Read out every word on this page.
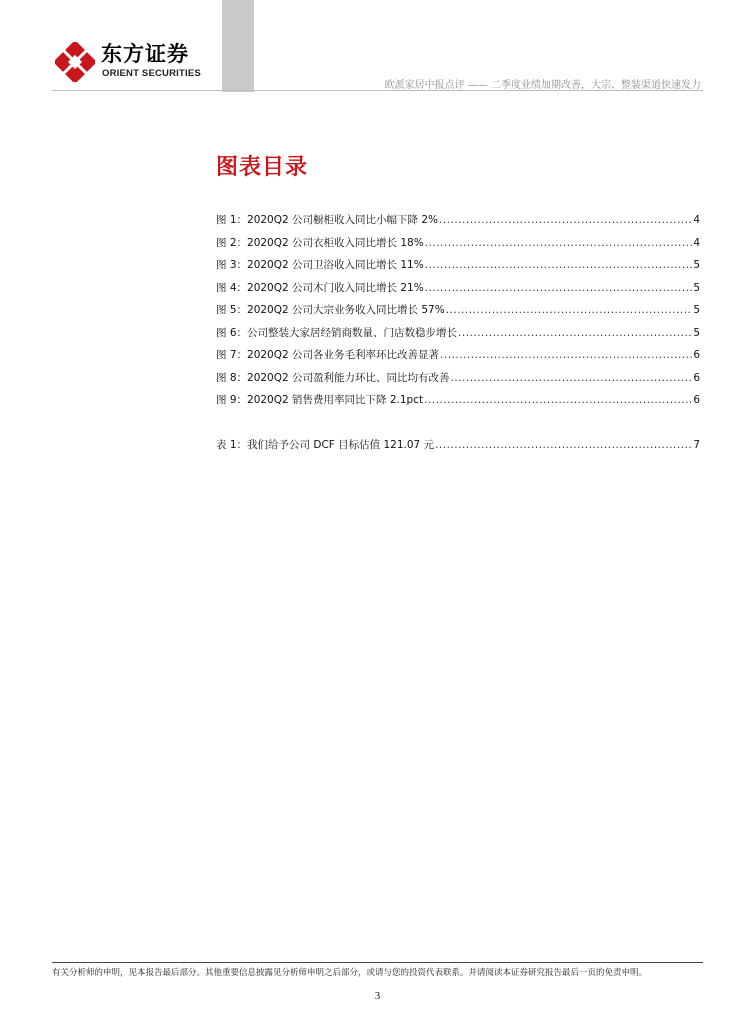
东方证券
ORIENT SECURITIES
欧派家居中报点评 —— 二季度业绩加期改善，大宗、整装渠道快速发力
图表目录
图 1：2020Q2 公司橱柜收入同比小幅下降 2% .....	4
图 2：2020Q2 公司衣柜收入同比增长 18% .....	4
图 3：2020Q2 公司卫浴收入同比增长 11% .....	5
图 4：2020Q2 公司木门收入同比增长 21% .....	5
图 5：2020Q2 公司大宗业务收入同比增长 57% .....	5
图 6：公司整装大家居经销商数量、门店数稳步增长 .....	5
图 7：2020Q2 公司各业务毛利率环比改善显著 .....	6
图 8：2020Q2 公司盈利能力环比、同比均有改善 .....	6
图 9：2020Q2 销售费用率同比下降 2.1pct .....	6
表 1：我们给予公司 DCF 目标估值 121.07 元 .....	7
有关分析师的申明，见本报告最后部分。其他重要信息披露见分析师申明之后部分，或请与您的投资代表联系。并请阅读本证券研究报告最后一页的免责申明。
3
